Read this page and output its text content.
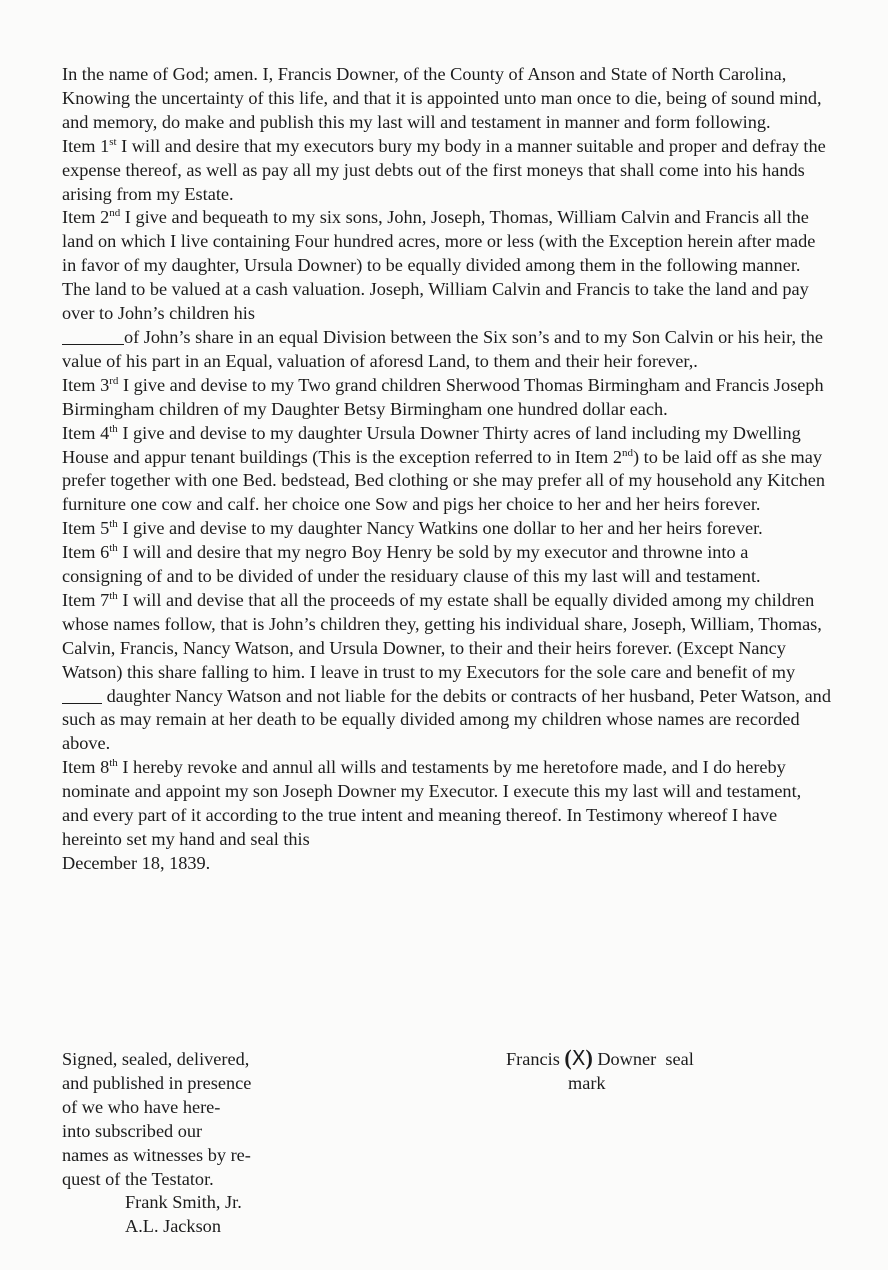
In the name of God; amen. I, Francis Downer, of the County of Anson and State of North Carolina, Knowing the uncertainty of this life, and that it is appointed unto man once to die, being of sound mind, and memory, do make and publish this my last will and testament in manner and form following.

Item 1st I will and desire that my executors bury my body in a manner suitable and proper and defray the expense thereof, as well as pay all my just debts out of the first moneys that shall come into his hands arising from my Estate.

Item 2nd I give and bequeath to my six sons, John, Joseph, Thomas, William Calvin and Francis all the land on which I live containing Four hundred acres, more or less (with the Exception herein after made in favor of my daughter, Ursula Downer) to be equally divided among them in the following manner. The land to be valued at a cash valuation. Joseph, William Calvin and Francis to take the land and pay over to John’s children his
of John’s share in an equal Division between the Six son’s and to my Son Calvin or his heir, the value of his part in an Equal, valuation of aforesd Land, to them and their heir forever,.

Item 3rd I give and devise to my Two grand children Sherwood Thomas Birmingham and Francis Joseph Birmingham children of my Daughter Betsy Birmingham one hundred dollar each.

Item 4th I give and devise to my daughter Ursula Downer Thirty acres of land including my Dwelling House and appur tenant buildings (This is the exception referred to in Item 2nd) to be laid off as she may prefer together with one Bed. bedstead, Bed clothing or she may prefer all of my household any Kitchen furniture one cow and calf. her choice one Sow and pigs her choice to her and her heirs forever.

Item 5th I give and devise to my daughter Nancy Watkins one dollar to her and her heirs forever.

Item 6th I will and desire that my negro Boy Henry be sold by my executor and throwne into a consigning of and to be divided of under the residuary clause of this my last will and testament.

Item 7th I will and devise that all the proceeds of my estate shall be equally divided among my children whose names follow, that is John’s children they, getting his individual share, Joseph, William, Thomas, Calvin, Francis, Nancy Watson, and Ursula Downer, to their and their heirs forever. (Except Nancy Watson) this share falling to him. I leave in trust to my Executors for the sole care and benefit of my  daughter Nancy Watson and not liable for the debits or contracts of her husband, Peter Watson, and such as may remain at her death to be equally divided among my children whose names are recorded above.

Item 8th I hereby revoke and annul all wills and testaments by me heretofore made, and I do hereby nominate and appoint my son Joseph Downer my Executor. I execute this my last will and testament, and every part of it according to the true intent and meaning thereof. In Testimony whereof I have hereinto set my hand and seal this

December 18, 1839.

Signed, sealed, delivered,

and published in presence

of we who have here-

into subscribed our

names as witnesses by re-

quest of the Testator.

Frank Smith, Jr.

A.L. Jackson

Francis (X) Downer seal
mark
